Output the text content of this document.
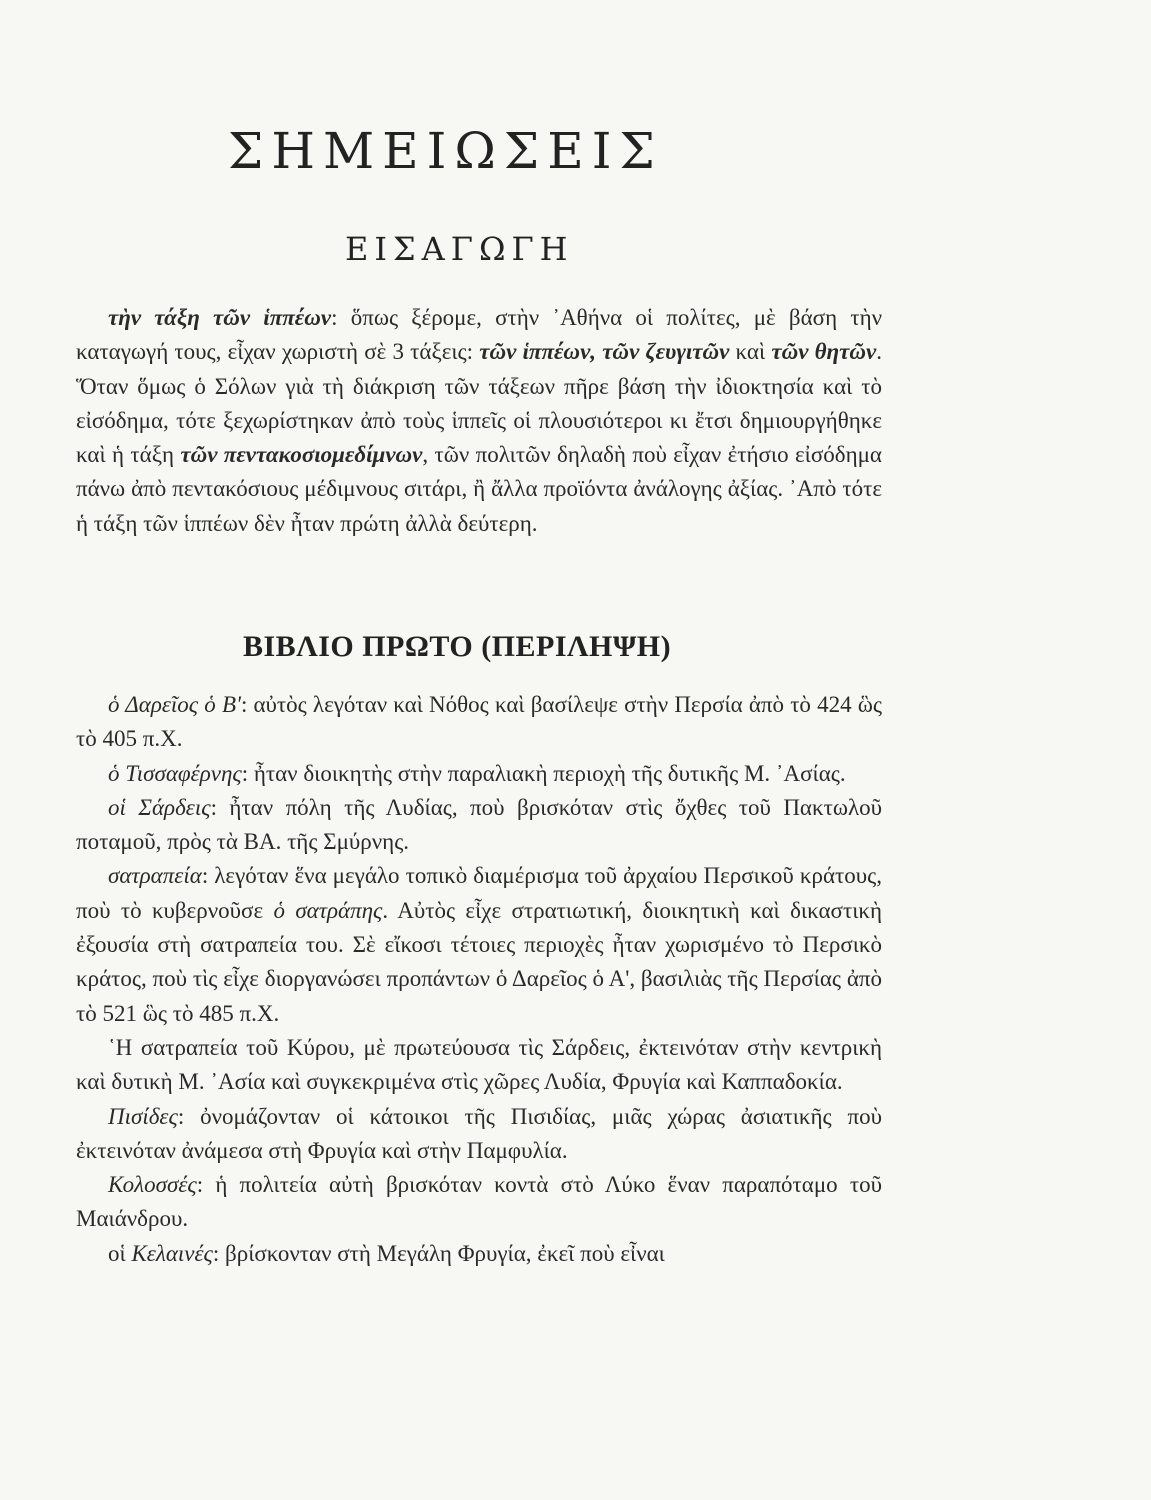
ΣΗΜΕΙΩΣΕΙΣ
ΕΙΣΑΓΩΓΗ

τὴν τάξη τῶν ἱππέων: ὅπως ξέρομε, στὴν ᾿Αθήνα οἱ πολίτες, μὲ βάση τὴν καταγωγή τους, εἶχαν χωριστὴ σὲ 3 τάξεις: τῶν ἱππέων, τῶν ζευγιτῶν καὶ τῶν θητῶν. Ὅταν ὅμως ὁ Σόλων γιὰ τὴ διάκριση τῶν τάξεων πῆρε βάση τὴν ἰδιοκτησία καὶ τὸ εἰσόδημα, τότε ξεχωρίστηκαν ἀπὸ τοὺς ἱππεῖς οἱ πλουσιότεροι κι ἔτσι δημιουργήθηκε καὶ ἡ τάξη τῶν πεντακοσιομεδίμνων, τῶν πολιτῶν δηλαδὴ ποὺ εἶχαν ἐτήσιο εἰσόδημα πάνω ἀπὸ πεντακόσιους μέδιμνους σιτάρι, ἢ ἄλλα προϊόντα ἀνάλογης ἀξίας. ᾿Απὸ τότε ἡ τάξη τῶν ἱππέων δὲν ἦταν πρώτη ἀλλὰ δεύτερη.

ΒΙΒΛΙΟ ΠΡΩΤΟ (ΠΕΡΙΛΗΨΗ)

ὁ Δαρεῖος ὁ Β': αὐτὸς λεγόταν καὶ Νόθος καὶ βασίλεψε στὴν Περσία ἀπὸ τὸ 424 ὣς τὸ 405 π.Χ.

ὁ Τισσαφέρνης: ἦταν διοικητὴς στὴν παραλιακὴ περιοχὴ τῆς δυτικῆς Μ. ᾿Ασίας.

οἱ Σάρδεις: ἦταν πόλη τῆς Λυδίας, ποὺ βρισκόταν στὶς ὄχθες τοῦ Πακτωλοῦ ποταμοῦ, πρὸς τὰ ΒΑ. τῆς Σμύρνης.

σατραπεία: λεγόταν ἕνα μεγάλο τοπικὸ διαμέρισμα τοῦ ἀρχαίου Περσικοῦ κράτους, ποὺ τὸ κυβερνοῦσε ὁ σατράπης. Αὐτὸς εἶχε στρατιωτική, διοικητικὴ καὶ δικαστικὴ ἐξουσία στὴ σατραπεία του. Σὲ εἴκοσι τέτοιες περιοχὲς ἦταν χωρισμένο τὸ Περσικὸ κράτος, ποὺ τὶς εἶχε διοργανώσει προπάντων ὁ Δαρεῖος ὁ Α', βασιλιὰς τῆς Περσίας ἀπὸ τὸ 521 ὣς τὸ 485 π.Χ.

῾Η σατραπεία τοῦ Κύρου, μὲ πρωτεύουσα τὶς Σάρδεις, ἐκτεινόταν στὴν κεντρικὴ καὶ δυτικὴ Μ. ᾿Ασία καὶ συγκεκριμένα στὶς χῶρες Λυδία, Φρυγία καὶ Καππαδοκία.

Πισίδες: ὀνομάζονταν οἱ κάτοικοι τῆς Πισιδίας, μιᾶς χώρας ἀσιατικῆς ποὺ ἐκτεινόταν ἀνάμεσα στὴ Φρυγία καὶ στὴν Παμφυλία.

Κολοσσές: ἡ πολιτεία αὐτὴ βρισκόταν κοντὰ στὸ Λύκο ἕναν παραπόταμο τοῦ Μαιάνδρου.

οἱ Κελαινές: βρίσκονταν στὴ Μεγάλη Φρυγία, ἐκεῖ ποὺ εἶναι
